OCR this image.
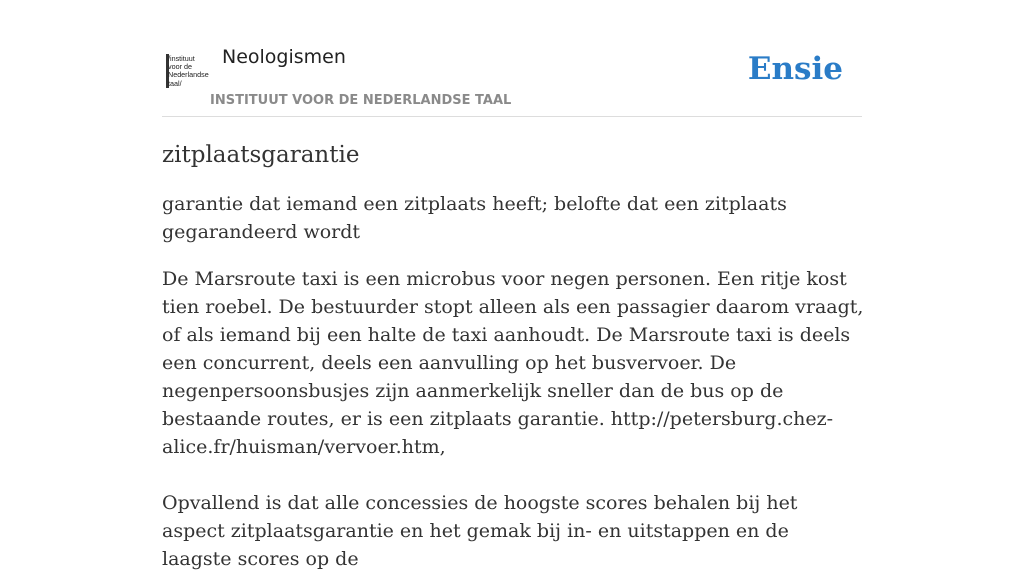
/instituut
voor de
Nederlandse
taal/
Neologismen
INSTITUUT VOOR DE NEDERLANDSE TAAL
Ensie
zitplaatsgarantie

garantie dat iemand een zitplaats heeft; belofte dat een zitplaats gegarandeerd wordt

De Marsroute taxi is een microbus voor negen personen. Een ritje kost tien roebel. De bestuurder stopt alleen als een passagier daarom vraagt, of als iemand bij een halte de taxi aanhoudt. De Marsroute taxi is deels een concurrent, deels een aanvulling op het busvervoer. De negenpersoonsbusjes zijn aanmerkelijk sneller dan de bus op de bestaande routes, er is een zitplaats garantie. http://petersburg.chez-alice.fr/huisman/vervoer.htm,
Opvallend is dat alle concessies de hoogste scores behalen bij het aspect zitplaatsgarantie en het gemak bij in- en uitstappen en de laagste scores op de
